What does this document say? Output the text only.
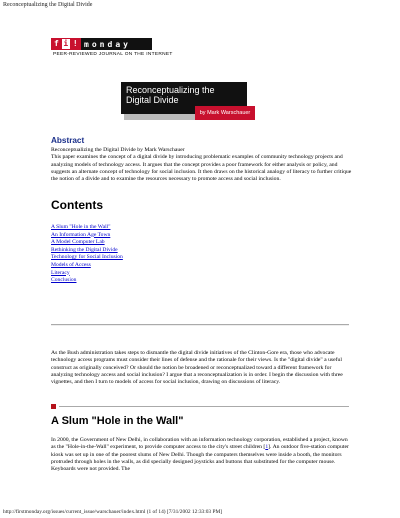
Reconceptualizing the Digital Divide
f i ! m o n d a y
PEER-REVIEWED JOURNAL ON THE INTERNET
Reconceptualizing the
Digital Divide
by Mark Warschauer
Abstract
Reconceptualizing the Digital Divide by Mark Warschauer
This paper examines the concept of a digital divide by introducing problematic examples of community technology projects and analyzing models of technology access. It argues that the concept provides a poor framework for either analysis or policy, and suggests an alternate concept of technology for social inclusion. It then draws on the historical analogy of literacy to further critique the notion of a divide and to examine the resources necessary to promote access and social inclusion.
Contents
A Slum "Hole in the Wall"
An Information Age Town
A Model Computer Lab
Rethinking the Digital Divide
Technology for Social Inclusion
Models of Access
Literacy
Conclusion
As the Bush administration takes steps to dismantle the digital divide initiatives of the Clinton-Gore era, those who advocate technology access programs must consider their lines of defense and the rationale for their views. Is the "digital divide" a useful construct as originally conceived? Or should the notion be broadened or reconceptualized toward a different framework for analyzing technology access and social inclusion? I argue that a reconceptualization is in order. I begin the discussion with three vignettes, and then I turn to models of access for social inclusion, drawing on discussions of literacy.
A Slum "Hole in the Wall"
In 2000, the Government of New Delhi, in collaboration with an information technology corporation, established a project, known as the "Hole-in-the-Wall" experiment, to provide computer access to the city's street children [1]. An outdoor five-station computer kiosk was set up in one of the poorest slums of New Delhi. Though the computers themselves were inside a booth, the monitors protruded through holes in the walls, as did specially designed joysticks and buttons that substituted for the computer mouse. Keyboards were not provided. The
http://firstmonday.org/issues/current_issue/warschauer/index.html (1 of 14) [7/31/2002 12:33:03 PM]
